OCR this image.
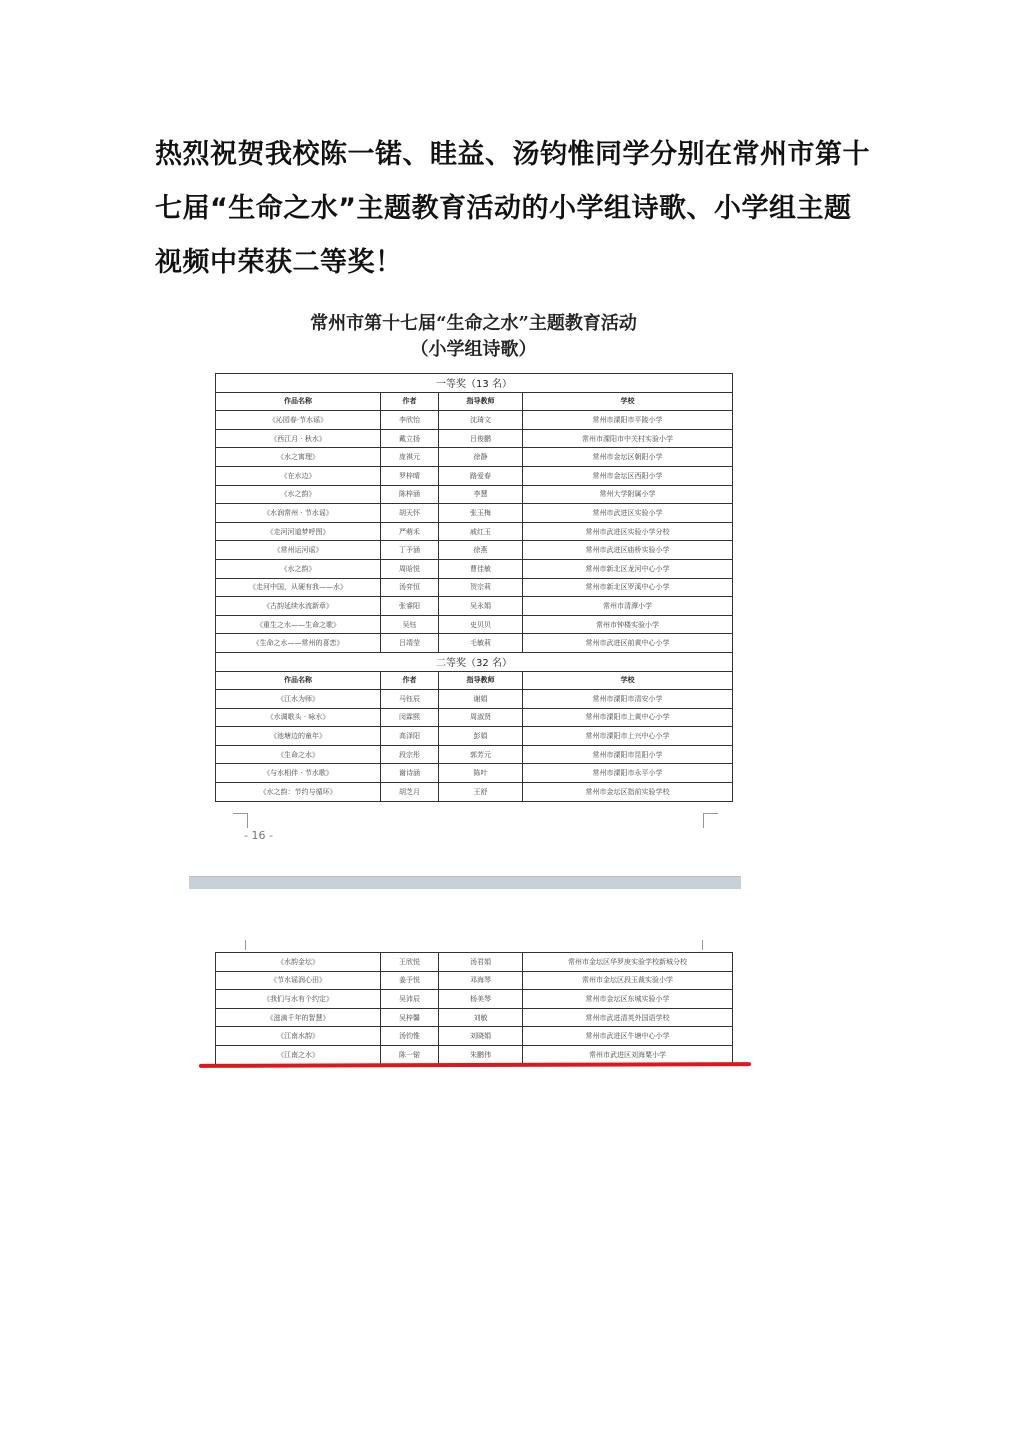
热烈祝贺我校陈一锘、眭益、汤钧惟同学分别在常州市第十
七届“生命之水”主题教育活动的小学组诗歌、小学组主题
视频中荣获二等奖！
常州市第十七届“生命之水”主题教育活动
（小学组诗歌）
一等奖（13 名）			
作品名称	作者	指导教师	学校
《沁园春·节水谣》	李欣怡	沈琦文	常州市溧阳市平陵小学
《西江月 · 秋水》	戴立扬	吕俊鹏	常州市溧阳市中关村实验小学
《水之寓理》	庞祺元	徐静	常州市金坛区朝阳小学
《在水边》	罗梓晴	路爱春	常州市金坛区西阳小学
《水之韵》	陈梓涵	李慧	常州大学附属小学
《水润常州 · 节水谣》	胡天怀	张玉梅	常州市武进区实验小学
《走河河道梦呼图》	严萌禾	戚红玉	常州市武进区实验小学分校
《常州运河谣》	丁予涵	徐燕	常州市武进区庙桥实验小学
《水之韵》	周晗悦	曹佳敏	常州市新北区龙河中心小学
《走河中国，从硬有我——水》	汤弈恒	贺宗莉	常州市新北区罗溪中心小学
《古韵延续水流新章》	张睿阳	吴永娟	常州市清潭小学
《重生之水——生命之歌》	吴钰	史贝贝	常州市钟楼实验小学
《生命之水——常州的喜恋》	吕靖莹	毛敏莉	常州市武进区前黄中心小学
二等奖（32 名）			
作品名称	作者	指导教师	学校
《江水为师》	马钰辰	谢娟	常州市溧阳市清安小学
《水调歌头 · 咏水》	闵霖熙	周淑贤	常州市溧阳市上黄中心小学
《池塘边的童年》	高泽阳	彭娟	常州市溧阳市上兴中心小学
《生命之水》	段宗彤	郭芳元	常州市溧阳市昆阳小学
《与水相伴 · 节水歌》	谢诗涵	陈叶	常州市溧阳市永平小学
《水之韵：节约与循环》	胡芝月	王舒	常州市金坛区指前实验学校
- 16 -
《水韵金坛》	王欣悦	汤君娟	常州市金坛区华罗庚实验学校新城分校
《节水谣润心田》	姜予悦	邓海琴	常州市金坛区段玉裁实验小学
《我们与水有个约定》	吴沛辰	杨美琴	常州市金坛区东城实验小学
《滋滴千年的智慧》	吴梓馨	刘敏	常州市武进清英外国语学校
《江南水韵》	汤钧惟	刘晓娟	常州市武进区牛塘中心小学
《江南之水》	陈一锘	朱鹏伟	常州市武进区刘海粟小学
